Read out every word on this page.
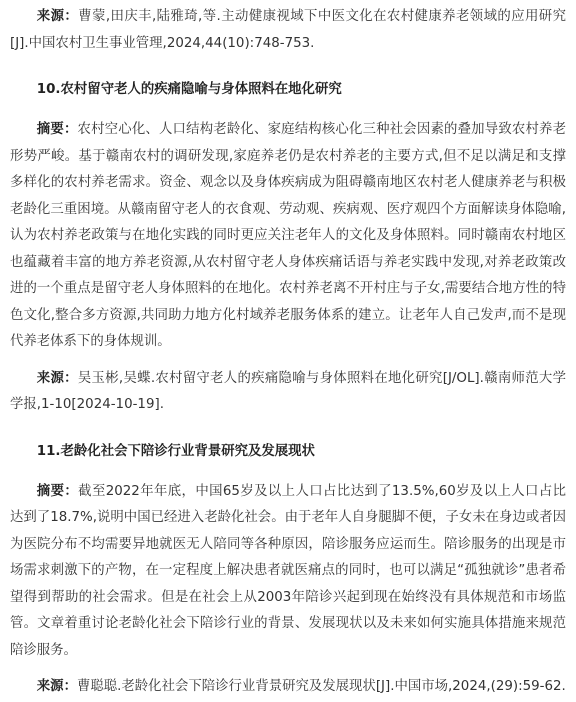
来源：曹蒙,田庆丰,陆雅琦,等.主动健康视域下中医文化在农村健康养老领域的应用研究[J].中国农村卫生事业管理,2024,44(10):748-753.

10.农村留守老人的疾痛隐喻与身体照料在地化研究

摘要：农村空心化、人口结构老龄化、家庭结构核心化三种社会因素的叠加导致农村养老形势严峻。基于赣南农村的调研发现,家庭养老仍是农村养老的主要方式,但不足以满足和支撑多样化的农村养老需求。资金、观念以及身体疾病成为阻碍赣南地区农村老人健康养老与积极老龄化三重困境。从赣南留守老人的衣食观、劳动观、疾病观、医疗观四个方面解读身体隐喻,认为农村养老政策与在地化实践的同时更应关注老年人的文化及身体照料。同时赣南农村地区也蕴藏着丰富的地方养老资源,从农村留守老人身体疾痛话语与养老实践中发现,对养老政策改进的一个重点是留守老人身体照料的在地化。农村养老离不开村庄与子女,需要结合地方性的特色文化,整合多方资源,共同助力地方化村域养老服务体系的建立。让老年人自己发声,而不是现代养老体系下的身体规训。

来源：吴玉彬,吴蝶.农村留守老人的疾痛隐喻与身体照料在地化研究[J/OL].赣南师范大学学报,1-10[2024-10-19].

11.老龄化社会下陪诊行业背景研究及发展现状

摘要：截至2022年年底，中国65岁及以上人口占比达到了13.5%,60岁及以上人口占比达到了18.7%,说明中国已经进入老龄化社会。由于老年人自身腿脚不便，子女未在身边或者因为医院分布不均需要异地就医无人陪同等各种原因，陪诊服务应运而生。陪诊服务的出现是市场需求刺激下的产物，在一定程度上解决患者就医痛点的同时，也可以满足“孤独就诊”患者希望得到帮助的社会需求。但是在社会上从2003年陪诊兴起到现在始终没有具体规范和市场监管。文章着重讨论老龄化社会下陪诊行业的背景、发展现状以及未来如何实施具体措施来规范陪诊服务。

来源：曹聪聪.老龄化社会下陪诊行业背景研究及发展现状[J].中国市场,2024,(29):59-62.
